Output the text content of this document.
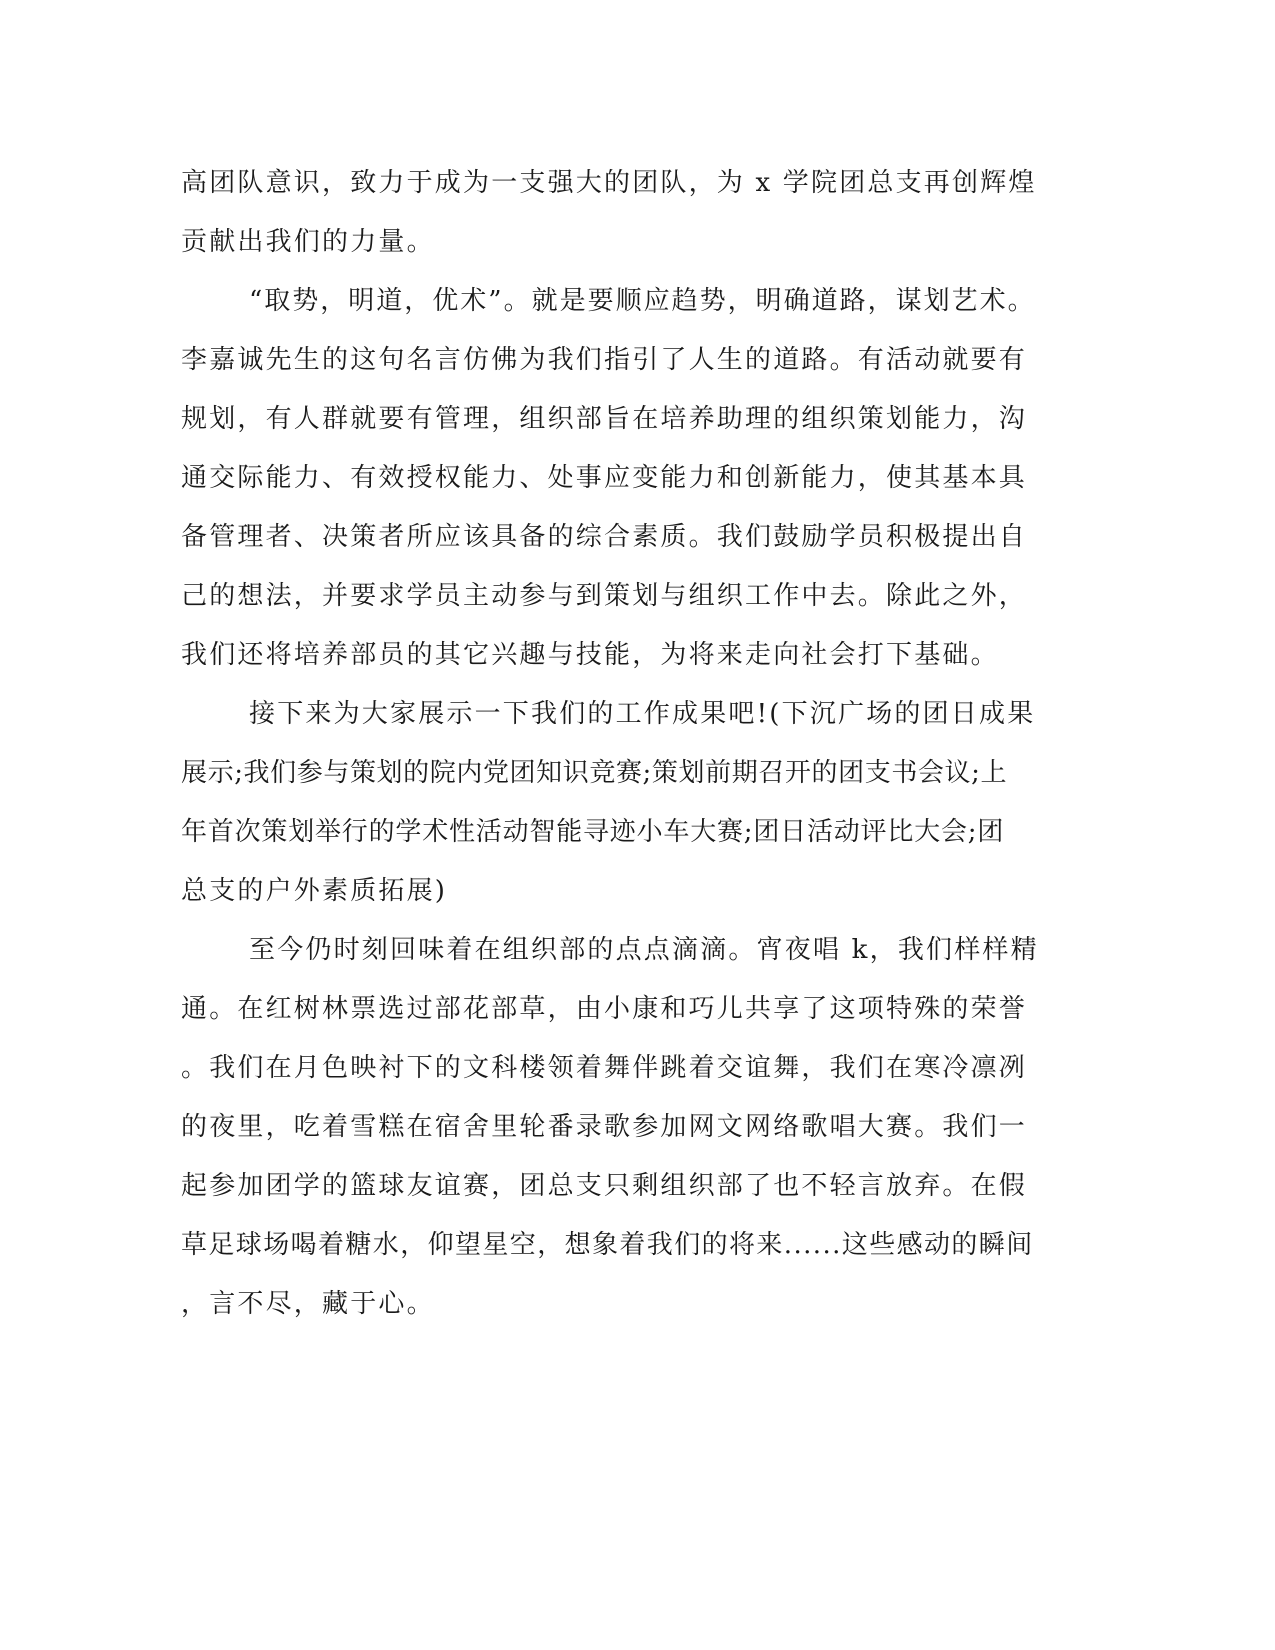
高团队意识，致力于成为一支强大的团队，为 x 学院团总支再创辉煌

贡献出我们的力量。

“取势，明道，优术”。就是要顺应趋势，明确道路，谋划艺术。

李嘉诚先生的这句名言仿佛为我们指引了人生的道路。有活动就要有

规划，有人群就要有管理，组织部旨在培养助理的组织策划能力，沟

通交际能力、有效授权能力、处事应变能力和创新能力，使其基本具

备管理者、决策者所应该具备的综合素质。我们鼓励学员积极提出自

己的想法，并要求学员主动参与到策划与组织工作中去。除此之外，

我们还将培养部员的其它兴趣与技能，为将来走向社会打下基础。

接下来为大家展示一下我们的工作成果吧!(下沉广场的团日成果

展示;我们参与策划的院内党团知识竞赛;策划前期召开的团支书会议;上

年首次策划举行的学术性活动智能寻迹小车大赛;团日活动评比大会;团

总支的户外素质拓展)

至今仍时刻回味着在组织部的点点滴滴。宵夜唱 k，我们样样精

通。在红树林票选过部花部草，由小康和巧儿共享了这项特殊的荣誉

。我们在月色映衬下的文科楼领着舞伴跳着交谊舞，我们在寒冷凛冽

的夜里，吃着雪糕在宿舍里轮番录歌参加网文网络歌唱大赛。我们一

起参加团学的篮球友谊赛，团总支只剩组织部了也不轻言放弃。在假

草足球场喝着糖水，仰望星空，想象着我们的将来......这些感动的瞬间

，言不尽，藏于心。
